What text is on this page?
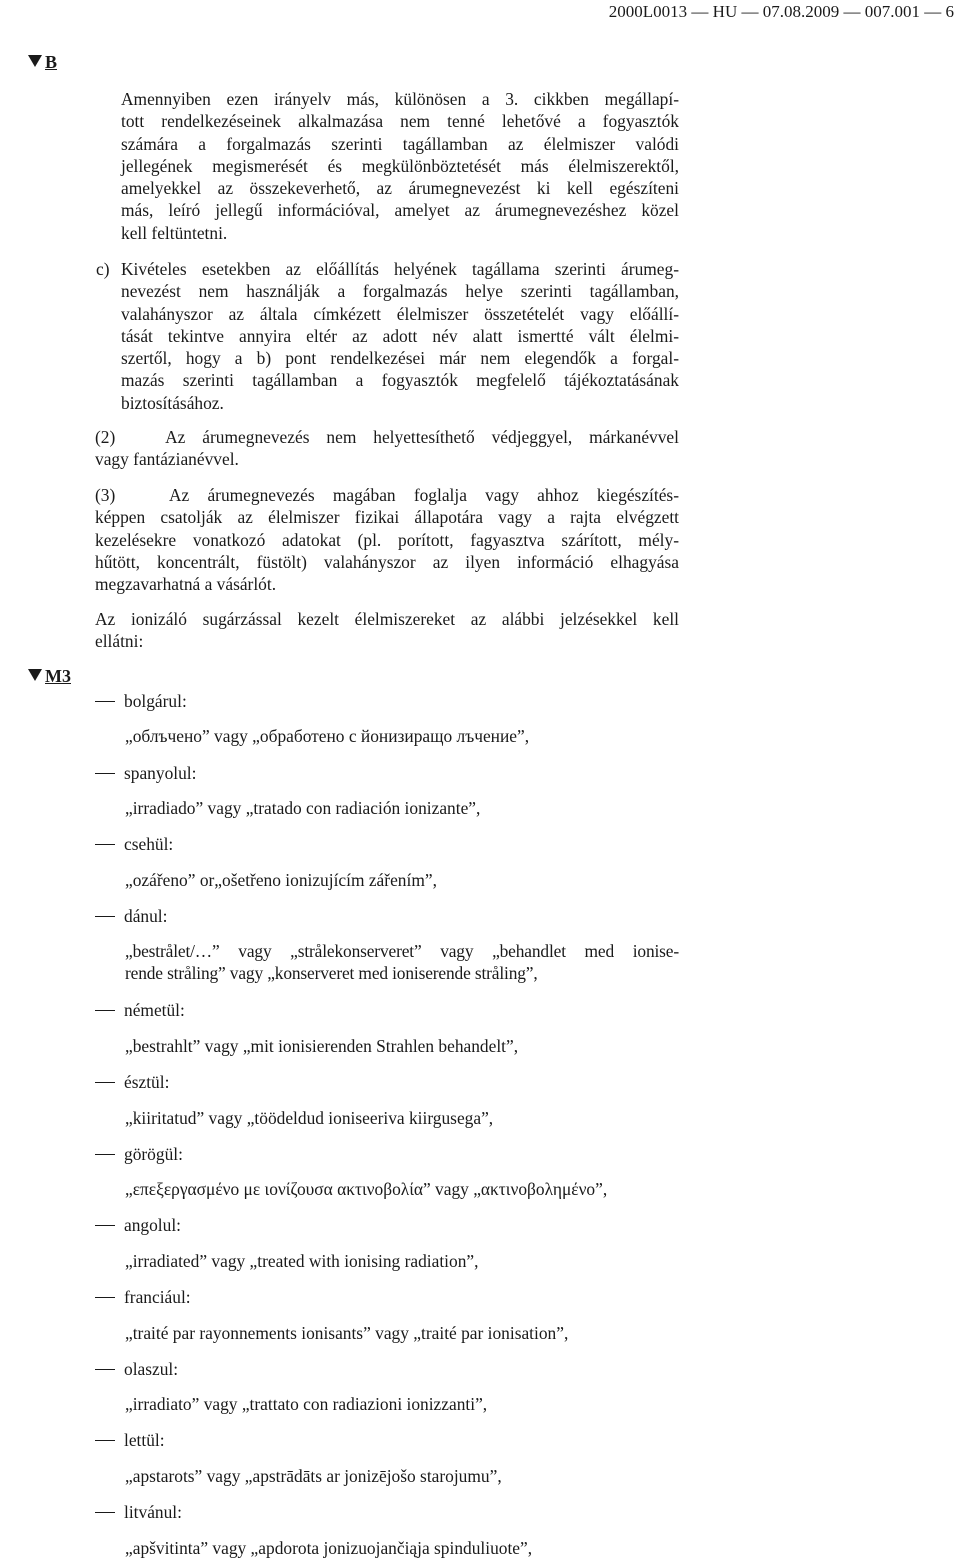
2000L0013 — HU — 07.08.2009 — 007.001 — 6
B
M3
Amennyiben ezen irányelv más, különösen a 3. cikkben megállapí-
tott rendelkezéseinek alkalmazása nem tenné lehetővé a fogyasztók
számára a forgalmazás szerinti tagállamban az élelmiszer valódi
jellegének megismerését és megkülönböztetését más élelmiszerektől,
amelyekkel az összekeverhető, az árumegnevezést ki kell egészíteni
más, leíró jellegű információval, amelyet az árumegnevezéshez közel
kell feltüntetni.
c) Kivételes esetekben az előállítás helyének tagállama szerinti árumeg-
nevezést nem használják a forgalmazás helye szerinti tagállamban,
valahányszor az általa címkézett élelmiszer összetételét vagy előállí-
tását tekintve annyira eltér az adott név alatt ismertté vált élelmi-
szertől, hogy a b) pont rendelkezései már nem elegendők a forgal-
mazás szerinti tagállamban a fogyasztók megfelelő tájékoztatásának
biztosításához.
(2)   Az árumegnevezés nem helyettesíthető védjeggyel, márkanévvel
vagy fantázianévvel.
(3)   Az árumegnevezés magában foglalja vagy ahhoz kiegészítés-
képpen csatolják az élelmiszer fizikai állapotára vagy a rajta elvégzett
kezelésekre vonatkozó adatokat (pl. porított, fagyasztva szárított, mély-
hűtött, koncentrált, füstölt) valahányszor az ilyen információ elhagyása
megzavarhatná a vásárlót.
Az ionizáló sugárzással kezelt élelmiszereket az alábbi jelzésekkel kell
ellátni:
bolgárul:
„облъчено” vagy „обработено с йонизиращо лъчение”,
spanyolul:
„irradiado” vagy „tratado con radiación ionizante”,
csehül:
„ozářeno” or„ošetřeno ionizujícím zářením”,
dánul:
„bestrålet/…” vagy „strålekonserveret” vagy „behandlet med ionise-
rende stråling” vagy „konserveret med ioniserende stråling”,
németül:
„bestrahlt” vagy „mit ionisierenden Strahlen behandelt”,
észtül:
„kiiritatud” vagy „töödeldud ioniseeriva kiirgusega”,
görögül:
„επεξεργασμένο με ιονίζουσα ακτινοβολία” vagy „ακτινοβολημένο”,
angolul:
„irradiated” vagy „treated with ionising radiation”,
franciául:
„traité par rayonnements ionisants” vagy „traité par ionisation”,
olaszul:
„irradiato” vagy „trattato con radiazioni ionizzanti”,
lettül:
„apstarots” vagy „apstrādāts ar jonizējošo starojumu”,
litvánul:
„apšvitinta” vagy „apdorota jonizuojančiąja spinduliuote”,
